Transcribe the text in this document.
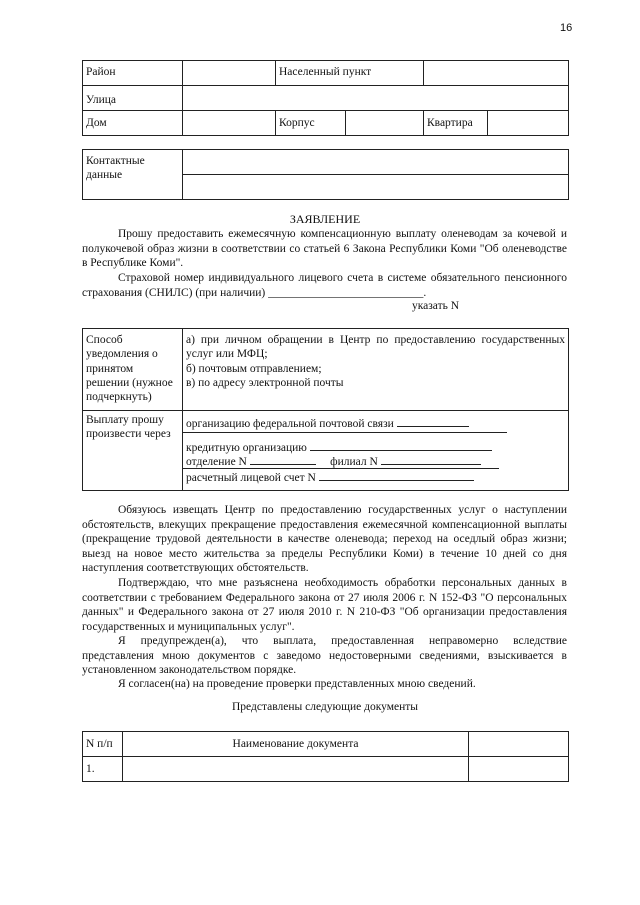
16
Район		Населенный пункт			
Улица					
Дом		Корпус		Квартира	
Контактные данные	
ЗАЯВЛЕНИЕ
Прошу предоставить ежемесячную компенсационную выплату оленеводам за кочевой и полукочевой образ жизни в соответствии со статьей 6 Закона Республики Коми "Об оленеводстве в Республике Коми".
Страховой номер индивидуального лицевого счета в системе обязательного пенсионного страхования (СНИЛС) (при наличии) ___________________________.
указать N
Способ уведомления о принятом решении (нужное подчеркнуть)	а) при личном обращении в Центр по предоставлению государственных услуг или МФЦ;
б) почтовым отправлением;
в) по адресу электронной почты

Выплату прошу произвести через	организацию федеральной почтовой связи
кредитную организацию
отделение N филиал N
расчетный лицевой счет N
Обязуюсь извещать Центр по предоставлению государственных услуг о наступлении обстоятельств, влекущих прекращение предоставления ежемесячной компенсационной выплаты (прекращение трудовой деятельности в качестве оленевода; переход на оседлый образ жизни; выезд на новое место жительства за пределы Республики Коми) в течение 10 дней со дня наступления соответствующих обстоятельств.
Подтверждаю, что мне разъяснена необходимость обработки персональных данных в соответствии с требованием Федерального закона от 27 июля 2006 г. N 152-ФЗ "О персональных данных" и Федерального закона от 27 июля 2010 г. N 210-ФЗ "Об организации предоставления государственных и муниципальных услуг".
Я предупрежден(а), что выплата, предоставленная неправомерно вследствие представления мною документов с заведомо недостоверными сведениями, взыскивается в установленном законодательством порядке.
Я согласен(на) на проведение проверки представленных мною сведений.
Представлены следующие документы
N п/п	Наименование документа	
1.		
